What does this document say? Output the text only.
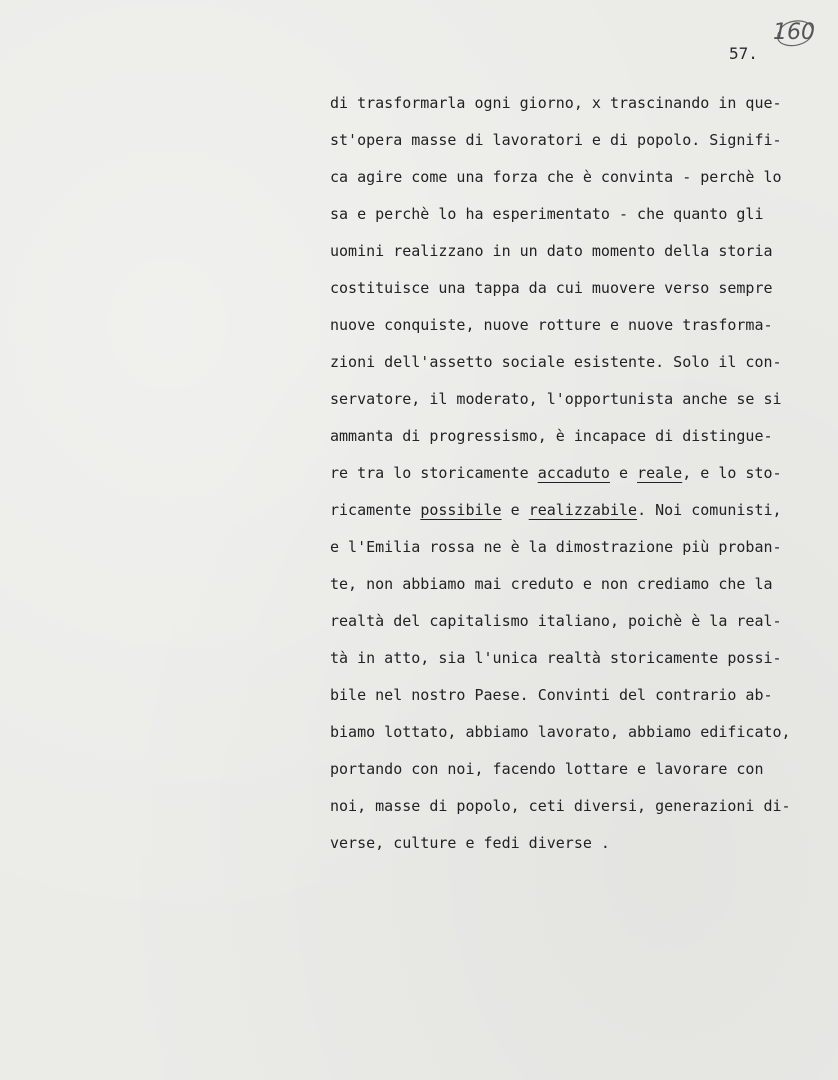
160
57.
di trasformarla ogni giorno, x trascinando in que-
st'opera masse di lavoratori e di popolo. Signifi-
ca agire come una forza che è convinta - perchè lo
sa e perchè lo ha esperimentato - che quanto gli
uomini realizzano in un dato momento della storia
costituisce una tappa da cui muovere verso sempre
nuove conquiste, nuove rotture e nuove trasforma-
zioni dell'assetto sociale esistente. Solo il con-
servatore, il moderato, l'opportunista anche se si
ammanta di progressismo, è incapace di distingue-
re tra lo storicamente accaduto e reale, e lo sto-
ricamente possibile e realizzabile. Noi comunisti,
e l'Emilia rossa ne è la dimostrazione più proban-
te, non abbiamo mai creduto e non crediamo che la
realtà del capitalismo italiano, poichè è la real-
tà in atto, sia l'unica realtà storicamente possi-
bile nel nostro Paese. Convinti del contrario ab-
biamo lottato, abbiamo lavorato, abbiamo edificato,
portando con noi, facendo lottare e lavorare con
noi, masse di popolo, ceti diversi, generazioni di-
verse, culture e fedi diverse .
